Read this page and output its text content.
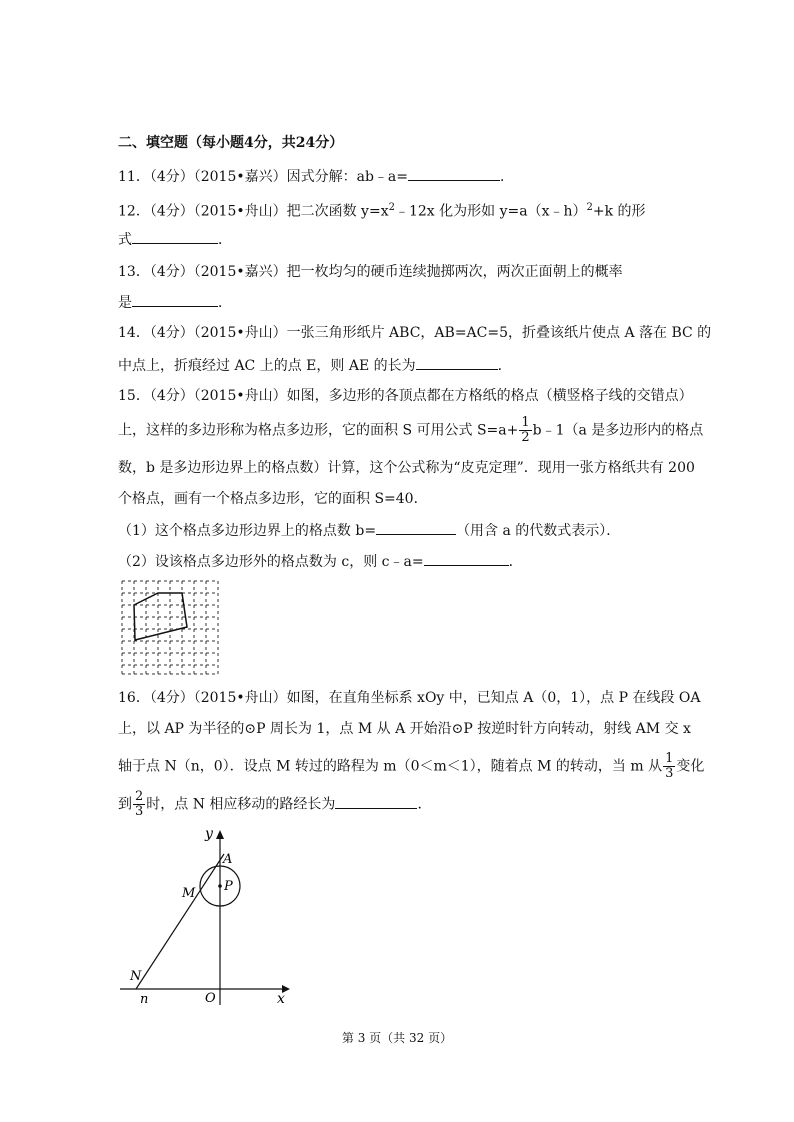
二、填空题（每小题4分，共24分）
11．（4分）（2015•嘉兴）因式分解：ab﹣a=	．
12．（4分）（2015•舟山）把二次函数 $y=x^2﹣12x$ 化为形如 y=a（x﹣h）$^2$+k 的形
式	．
13．（4分）（2015•嘉兴）把一枚均匀的硬币连续抛掷两次，两次正面朝上的概率
是	．
14．（4分）（2015•舟山）一张三角形纸片 ABC，AB=AC=5，折叠该纸片使点 A 落在 BC 的
中点上，折痕经过 AC 上的点 E，则 AE 的长为	．
15．（4分）（2015•舟山）如图，多边形的各顶点都在方格纸的格点（横竖格子线的交错点）
上，这样的多边形称为格点多边形，它的面积 S 可用公式 $S=a+ \frac{1}{2}$ b﹣1（a 是多边形内的格点
数，b 是多边形边界上的格点数）计算，这个公式称为“皮克定理”．现用一张方格纸共有 200
个格点，画有一个格点多边形，它的面积 S=40．
（1）这个格点多边形边界上的格点数 b=	（用含 a 的代数式表示）．
（2）设该格点多边形外的格点数为 c，则 c﹣a=	．
16．（4分）（2015•舟山）如图，在直角坐标系 xOy 中，已知点 A（0，1），点 P 在线段 OA
上，以 AP 为半径的⊙P 周长为 1，点 M 从 A 开始沿⊙P 按逆时针方向转动，射线 AM 交 x
轴于点 N（n，0）．设点 M 转过的路程为 m（0＜m＜1），随着点 M 的转动，当 m 从 $\frac{1}{3}$ 变化
到 $\frac{2}{3}$ 时，点 N 相应移动的路经长为	．
y
A
P
M
N
n	O	x
第 3 页（共 32 页）
